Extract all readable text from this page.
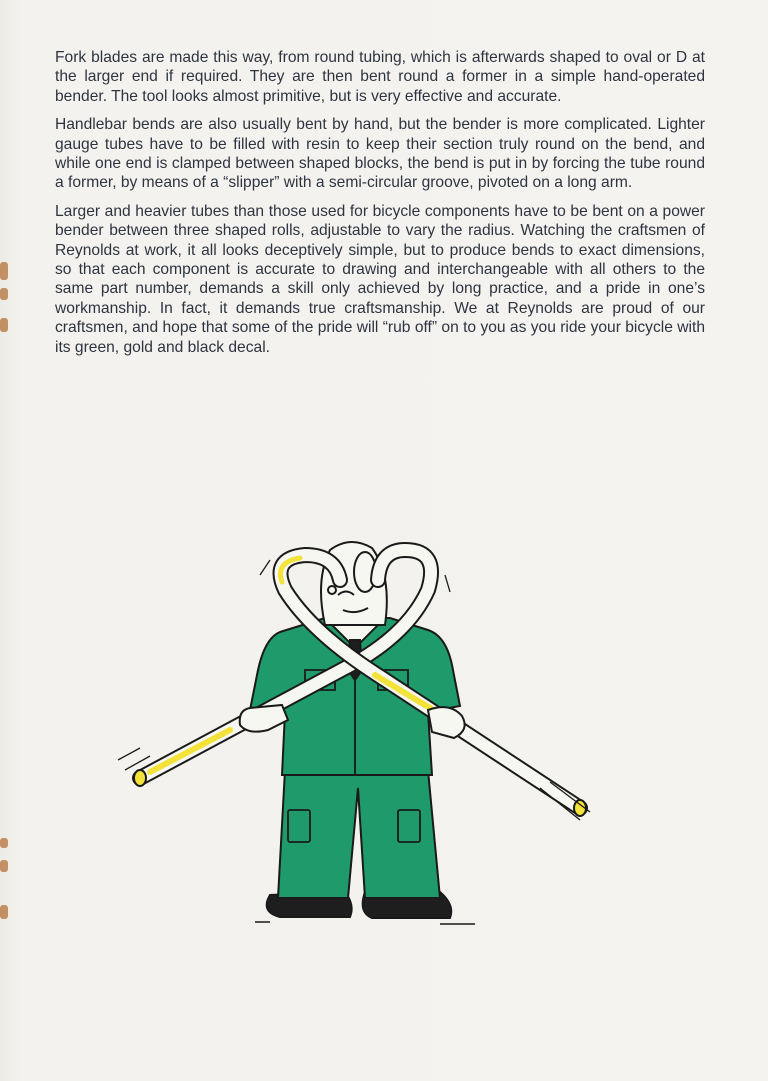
Fork blades are made this way, from round tubing, which is afterwards shaped to oval or D at the larger end if required. They are then bent round a former in a simple hand-operated bender. The tool looks almost primitive, but is very effective and accurate.

Handlebar bends are also usually bent by hand, but the bender is more complicated. Lighter gauge tubes have to be filled with resin to keep their section truly round on the bend, and while one end is clamped between shaped blocks, the bend is put in by forcing the tube round a former, by means of a “slipper” with a semi-circular groove, pivoted on a long arm.

Larger and heavier tubes than those used for bicycle components have to be bent on a power bender between three shaped rolls, adjustable to vary the radius. Watching the craftsmen of Reynolds at work, it all looks deceptively simple, but to produce bends to exact dimensions, so that each component is accurate to drawing and interchangeable with all others to the same part number, demands a skill only achieved by long practice, and a pride in one’s workmanship. In fact, it demands true craftsmanship. We at Reynolds are proud of our craftsmen, and hope that some of the pride will “rub off” on to you as you ride your bicycle with its green, gold and black decal.
